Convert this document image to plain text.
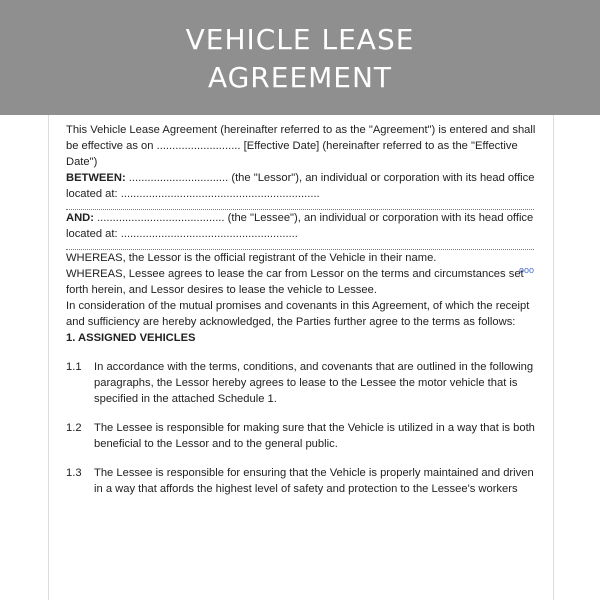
VEHICLE LEASE
AGREEMENT

This Vehicle Lease Agreement (hereinafter referred to as the "Agreement") is entered and shall be effective as on ........................... [Effective Date] (hereinafter referred to as the "Effective Date")

BETWEEN: ................................ (the "Lessor"), an individual or corporation with its head office located at: ................................................................

AND: ......................................... (the "Lessee"), an individual or corporation with its head office located at: .........................................................

WHEREAS, the Lessor is the official registrant of the Vehicle in their name.

WHEREAS, Lessee agrees to lease the car from Lessor on the terms and circumstances set forth herein, and Lessor desires to lease the vehicle to Lessee.

In consideration of the mutual promises and covenants in this Agreement, of which the receipt and sufficiency are hereby acknowledged, the Parties further agree to the terms as follows:

1. ASSIGNED VEHICLES

1.1	In accordance with the terms, conditions, and covenants that are outlined in the following paragraphs, the Lessor hereby agrees to lease to the Lessee the motor vehicle that is specified in the attached Schedule 1.
1.2	The Lessee is responsible for making sure that the Vehicle is utilized in a way that is both beneficial to the Lessor and to the general public.
1.3	The Lessee is responsible for ensuring that the Vehicle is properly maintained and driven in a way that affords the highest level of safety and protection to the Lessee's workers
ooo
